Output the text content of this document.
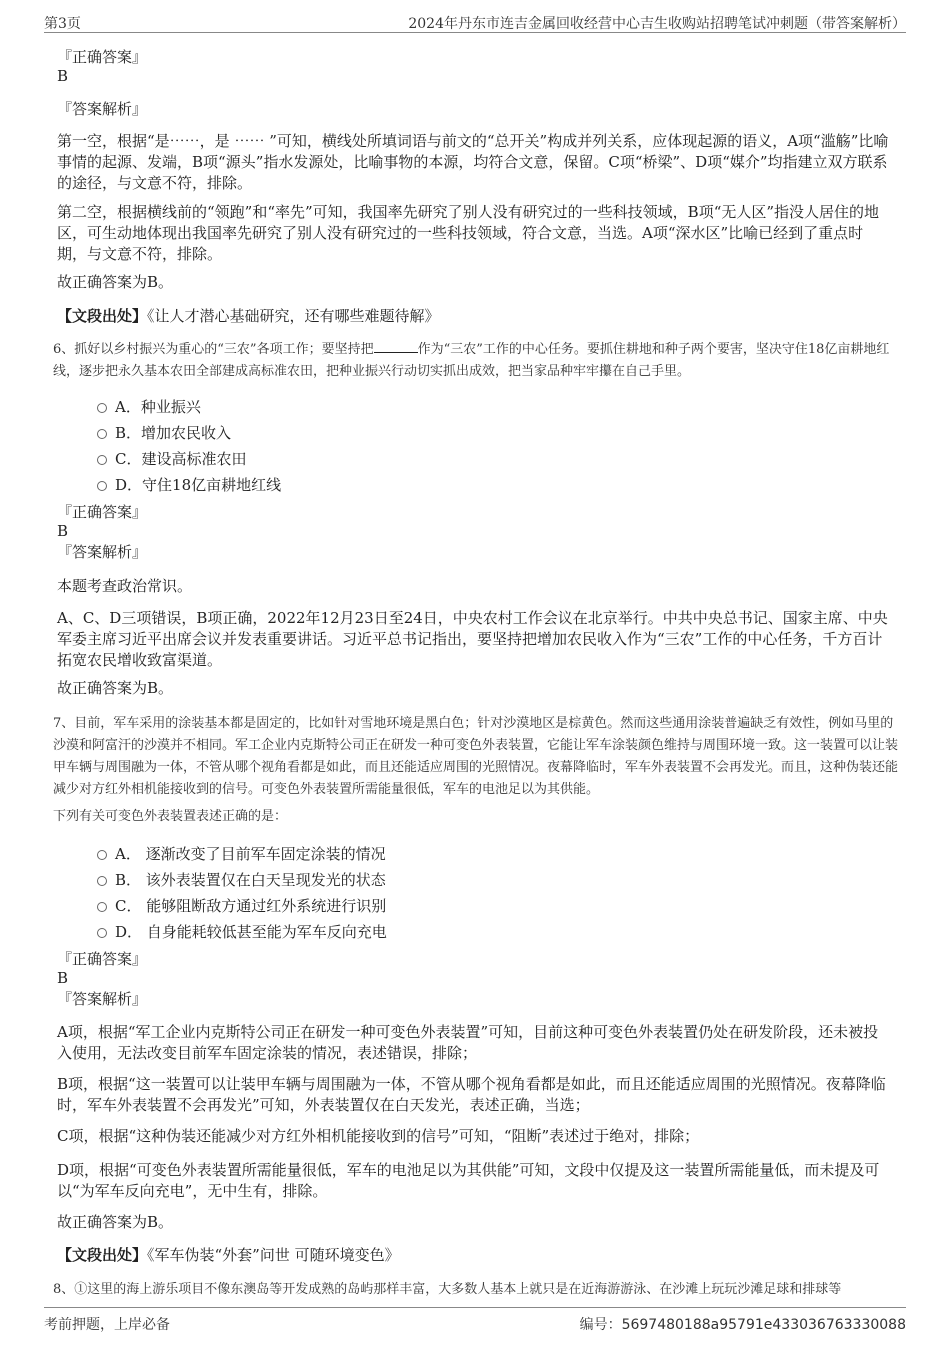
第3页	2024年丹东市连吉金属回收经营中心吉生收购站招聘笔试冲刺题（带答案解析）
『正确答案』
B
『答案解析』

第一空，根据“是⋯⋯，是 ⋯⋯ ”可知，横线处所填词语与前文的“总开关”构成并列关系，应体现起源的语义，A项“滥觞”比喻事情的起源、发端，B项“源头”指水发源处，比喻事物的本源，均符合文意，保留。C项“桥梁”、D项“媒介”均指建立双方联系的途径，与文意不符，排除。

第二空，根据横线前的“领跑”和“率先”可知，我国率先研究了别人没有研究过的一些科技领域，B项“无人区”指没人居住的地区，可生动地体现出我国率先研究了别人没有研究过的一些科技领域，符合文意，当选。A项“深水区”比喻已经到了重点时期，与文意不符，排除。

故正确答案为B。

【文段出处】《让人才潜心基础研究，还有哪些难题待解》

6、抓好以乡村振兴为重心的“三农”各项工作；要坚持把	作为“三农”工作的中心任务。要抓住耕地和种子两个要害，坚决守住18亿亩耕地红线，逐步把永久基本农田全部建成高标准农田，把种业振兴行动切实抓出成效，把当家品种牢牢攥在自己手里。

A．种业振兴
B．增加农民收入
C．建设高标准农田
D．守住18亿亩耕地红线
『正确答案』
B
『答案解析』

本题考查政治常识。

A、C、D三项错误，B项正确，2022年12月23日至24日，中央农村工作会议在北京举行。中共中央总书记、国家主席、中央军委主席习近平出席会议并发表重要讲话。习近平总书记指出，要坚持把增加农民收入作为“三农”工作的中心任务，千方百计拓宽农民增收致富渠道。

故正确答案为B。

7、目前，军车采用的涂装基本都是固定的，比如针对雪地环境是黑白色；针对沙漠地区是棕黄色。然而这些通用涂装普遍缺乏有效性，例如马里的沙漠和阿富汗的沙漠并不相同。军工企业内克斯特公司正在研发一种可变色外表装置，它能让军车涂装颜色维持与周围环境一致。这一装置可以让装甲车辆与周围融为一体，不管从哪个视角看都是如此，而且还能适应周围的光照情况。夜幕降临时，军车外表装置不会再发光。而且，这种伪装还能减少对方红外相机能接收到的信号。可变色外表装置所需能量很低，军车的电池足以为其供能。

下列有关可变色外表装置表述正确的是：

A． 逐渐改变了目前军车固定涂装的情况
B． 该外表装置仅在白天呈现发光的状态
C． 能够阻断敌方通过红外系统进行识别
D． 自身能耗较低甚至能为军车反向充电
『正确答案』
B
『答案解析』

A项，根据“军工企业内克斯特公司正在研发一种可变色外表装置”可知，目前这种可变色外表装置仍处在研发阶段，还未被投入使用，无法改变目前军车固定涂装的情况，表述错误，排除；

B项，根据“这一装置可以让装甲车辆与周围融为一体，不管从哪个视角看都是如此，而且还能适应周围的光照情况。夜幕降临时，军车外表装置不会再发光”可知，外表装置仅在白天发光，表述正确，当选；

C项，根据“这种伪装还能减少对方红外相机能接收到的信号”可知，“阻断”表述过于绝对，排除；

D项，根据“可变色外表装置所需能量很低，军车的电池足以为其供能”可知，文段中仅提及这一装置所需能量低，而未提及可以“为军车反向充电”，无中生有，排除。

故正确答案为B。

【文段出处】《军车伪装“外套”问世 可随环境变色》

8、①这里的海上游乐项目不像东澳岛等开发成熟的岛屿那样丰富，大多数人基本上就只是在近海游游泳、在沙滩上玩玩沙滩足球和排球等

考前押题，上岸必备	编号：5697480188a95791e433036763330088
